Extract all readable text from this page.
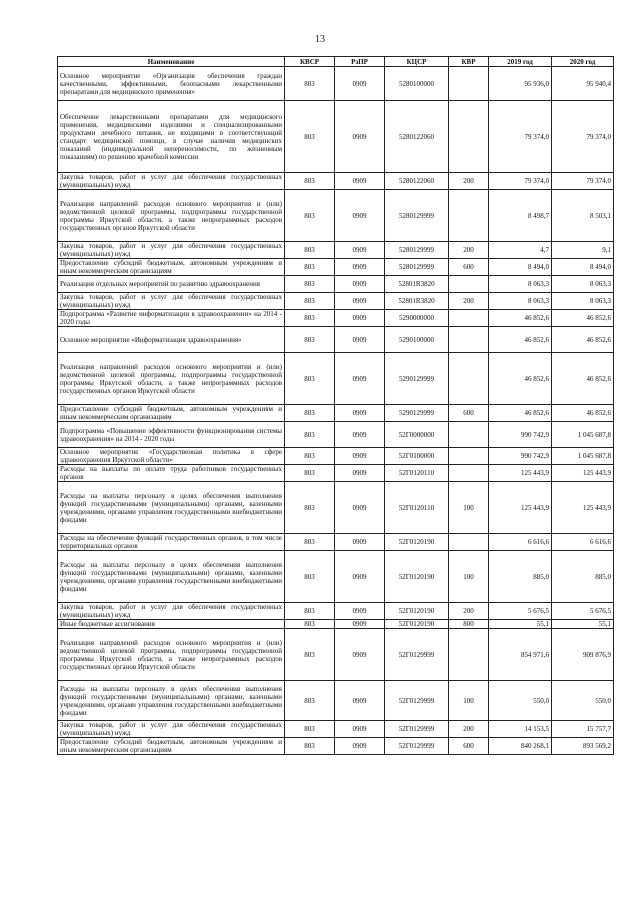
13
Наименование	КВСР	РзПР	КЦСР	КВР	2019 год	2020 год
Основное мероприятие «Организация обеспечения граждан качественными, эффективными, безопасными лекарственными препаратами для медицинского применения»	803	0909	5280100000		95 936,0	95 940,4
Обеспечение лекарственными препаратами для медицинского применения, медицинскими изделиями и специализированными продуктами лечебного питания, не входящими в соответствующий стандарт медицинской помощи, в случае наличия медицинских показаний (индивидуальной непереносимости, по жизненным показаниям) по решению врачебной комиссии	803	0909	5280122060		79 374,0	79 374,0
Закупка товаров, работ и услуг для обеспечения государственных (муниципальных) нужд	803	0909	5280122060	200	79 374,0	79 374,0
Реализация направлений расходов основного мероприятия и (или) ведомственной целевой программы, подпрограммы государственной программы Иркутской области, а также непрограммных расходов государственных органов Иркутской области	803	0909	5280129999		8 498,7	8 503,1
Закупка товаров, работ и услуг для обеспечения государственных (муниципальных) нужд	803	0909	5280129999	200	4,7	9,1
Предоставление субсидий бюджетным, автономным учреждениям и иным некоммерческим организациям	803	0909	5280129999	600	8 494,0	8 494,0
Реализация отдельных мероприятий по развитию здравоохранения	803	0909	52801R3820		8 063,3	8 063,3
Закупка товаров, работ и услуг для обеспечения государственных (муниципальных) нужд	803	0909	52801R3820	200	8 063,3	8 063,3
Подпрограмма «Развитие информатизации в здравоохранении» на 2014 - 2020 годы	803	0909	5290000000		46 852,6	46 852,6
Основное мероприятие «Информатизация здравоохранения»	803	0909	5290100000		46 852,6	46 852,6
Реализация направлений расходов основного мероприятия и (или) ведомственной целевой программы, подпрограммы государственной программы Иркутской области, а также непрограммных расходов государственных органов Иркутской области	803	0909	5290129999		46 852,6	46 852,6
Предоставление субсидий бюджетным, автономным учреждениям и иным некоммерческим организациям	803	0909	5290129999	600	46 852,6	46 852,6
Подпрограмма «Повышение эффективности функционирования системы здравоохранения» на 2014 - 2020 годы	803	0909	52Г0000000		990 742,9	1 045 687,8
Основное мероприятие «Государственная политика в сфере здравоохранения Иркутской области»	803	0909	52Г0100000		990 742,9	1 045 687,8
Расходы на выплаты по оплате труда работников государственных органов	803	0909	52Г0120110		125 443,9	125 443,9
Расходы на выплаты персоналу в целях обеспечения выполнения функций государственными (муниципальными) органами, казенными учреждениями, органами управления государственными внебюджетными фондами	803	0909	52Г0120110	100	125 443,9	125 443,9
Расходы на обеспечение функций государственных органов, в том числе территориальных органов	803	0909	52Г0120190		6 616,6	6 616,6
Расходы на выплаты персоналу в целях обеспечения выполнения функций государственными (муниципальными) органами, казенными учреждениями, органами управления государственными внебюджетными фондами	803	0909	52Г0120190	100	885,0	885,0
Закупка товаров, работ и услуг для обеспечения государственных (муниципальных) нужд	803	0909	52Г0120190	200	5 676,5	5 676,5
Иные бюджетные ассигнования	803	0909	52Г0120190	800	55,1	55,1
Реализация направлений расходов основного мероприятия и (или) ведомственной целевой программы, подпрограммы государственной программы Иркутской области, а также непрограммных расходов государственных органов Иркутской области	803	0909	52Г0129999		854 971,6	909 876,9
Расходы на выплаты персоналу в целях обеспечения выполнения функций государственными (муниципальными) органами, казенными учреждениями, органами управления государственными внебюджетными фондами	803	0909	52Г0129999	100	550,0	550,0
Закупка товаров, работ и услуг для обеспечения государственных (муниципальных) нужд	803	0909	52Г0129999	200	14 153,5	15 757,7
Предоставление субсидий бюджетным, автономным учреждениям и иным некоммерческим организациям	803	0909	52Г0129999	600	840 268,1	893 569,2
